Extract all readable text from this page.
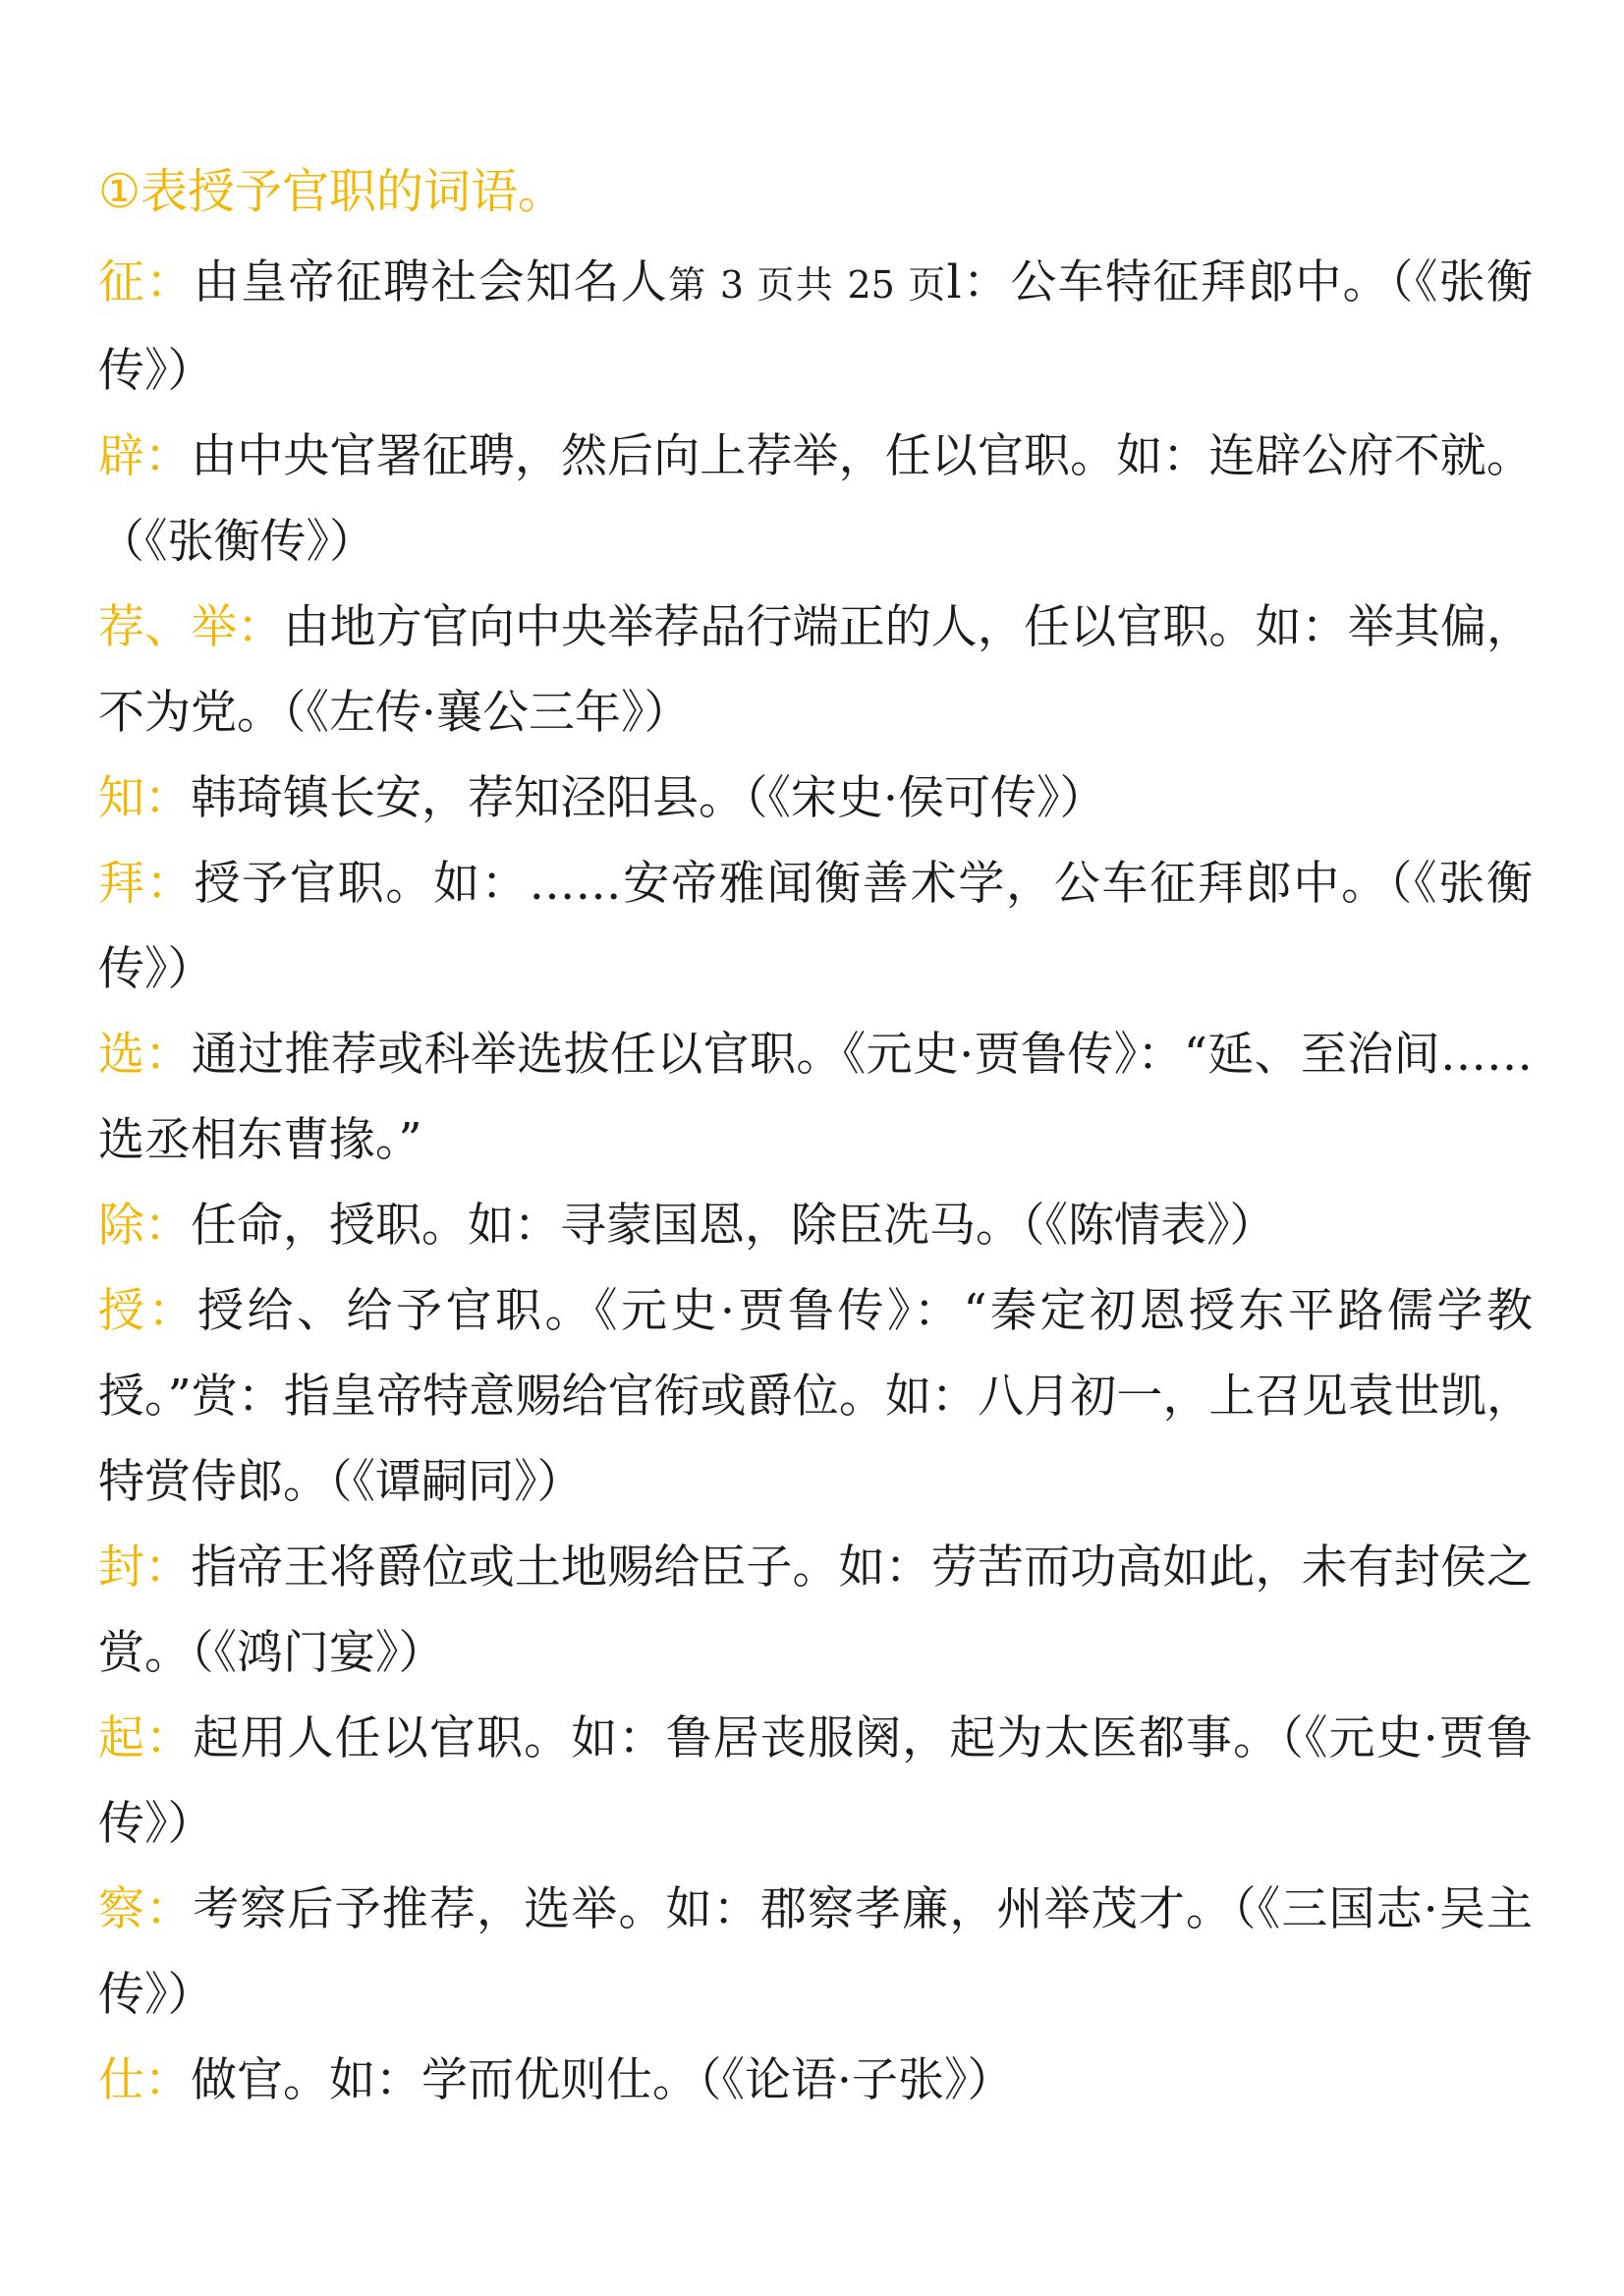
①表授予官职的词语。

征：由皇帝征聘社会知名人第 3 页共 25 页l：公车特征拜郎中。（《张衡传》）

辟：由中央官署征聘，然后向上荐举，任以官职。如：连辟公府不就。（《张衡传》）

荐、举：由地方官向中央举荐品行端正的人，任以官职。如：举其偏，不为党。（《左传·襄公三年》）

知：韩琦镇长安，荐知泾阳县。（《宋史·侯可传》）

拜：授予官职。如：……安帝雅闻衡善术学，公车征拜郎中。（《张衡传》）

选：通过推荐或科举选拔任以官职。《元史·贾鲁传》：“延、至治间……选丞相东曹掾。”

除：任命，授职。如：寻蒙国恩，除臣冼马。（《陈情表》）

授：授给、给予官职。《元史·贾鲁传》：“秦定初恩授东平路儒学教授。”赏：指皇帝特意赐给官衔或爵位。如：八月初一，上召见袁世凯，特赏侍郎。（《谭嗣同》）

封：指帝王将爵位或土地赐给臣子。如：劳苦而功高如此，未有封侯之赏。（《鸿门宴》）

起：起用人任以官职。如：鲁居丧服阕，起为太医都事。（《元史·贾鲁传》）

察：考察后予推荐，选举。如：郡察孝廉，州举茂才。（《三国志·吴主传》）

仕：做官。如：学而优则仕。（《论语·子张》）
